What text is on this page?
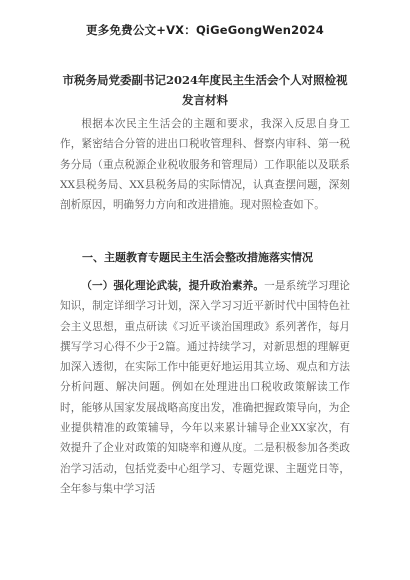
更多免费公文+VX：QiGeGongWen2024
市税务局党委副书记2024年度民主生活会个人对照检视发言材料
根据本次民主生活会的主题和要求，我深入反思自身工作，紧密结合分管的进出口税收管理科、督察内审科、第一税务分局（重点税源企业税收服务和管理局）工作职能以及联系XX县税务局、XX县税务局的实际情况，认真查摆问题，深刻剖析原因，明确努力方向和改进措施。现对照检查如下。
一、主题教育专题民主生活会整改措施落实情况
（一）强化理论武装，提升政治素养。一是系统学习理论知识，制定详细学习计划，深入学习习近平新时代中国特色社会主义思想，重点研读《习近平谈治国理政》系列著作，每月撰写学习心得不少于2篇。通过持续学习，对新思想的理解更加深入透彻，在实际工作中能更好地运用其立场、观点和方法分析问题、解决问题。例如在处理进出口税收政策解读工作时，能够从国家发展战略高度出发，准确把握政策导向，为企业提供精准的政策辅导，今年以来累计辅导企业XX家次，有效提升了企业对政策的知晓率和遵从度。二是积极参加各类政治学习活动，包括党委中心组学习、专题党课、主题党日等，全年参与集中学习活
